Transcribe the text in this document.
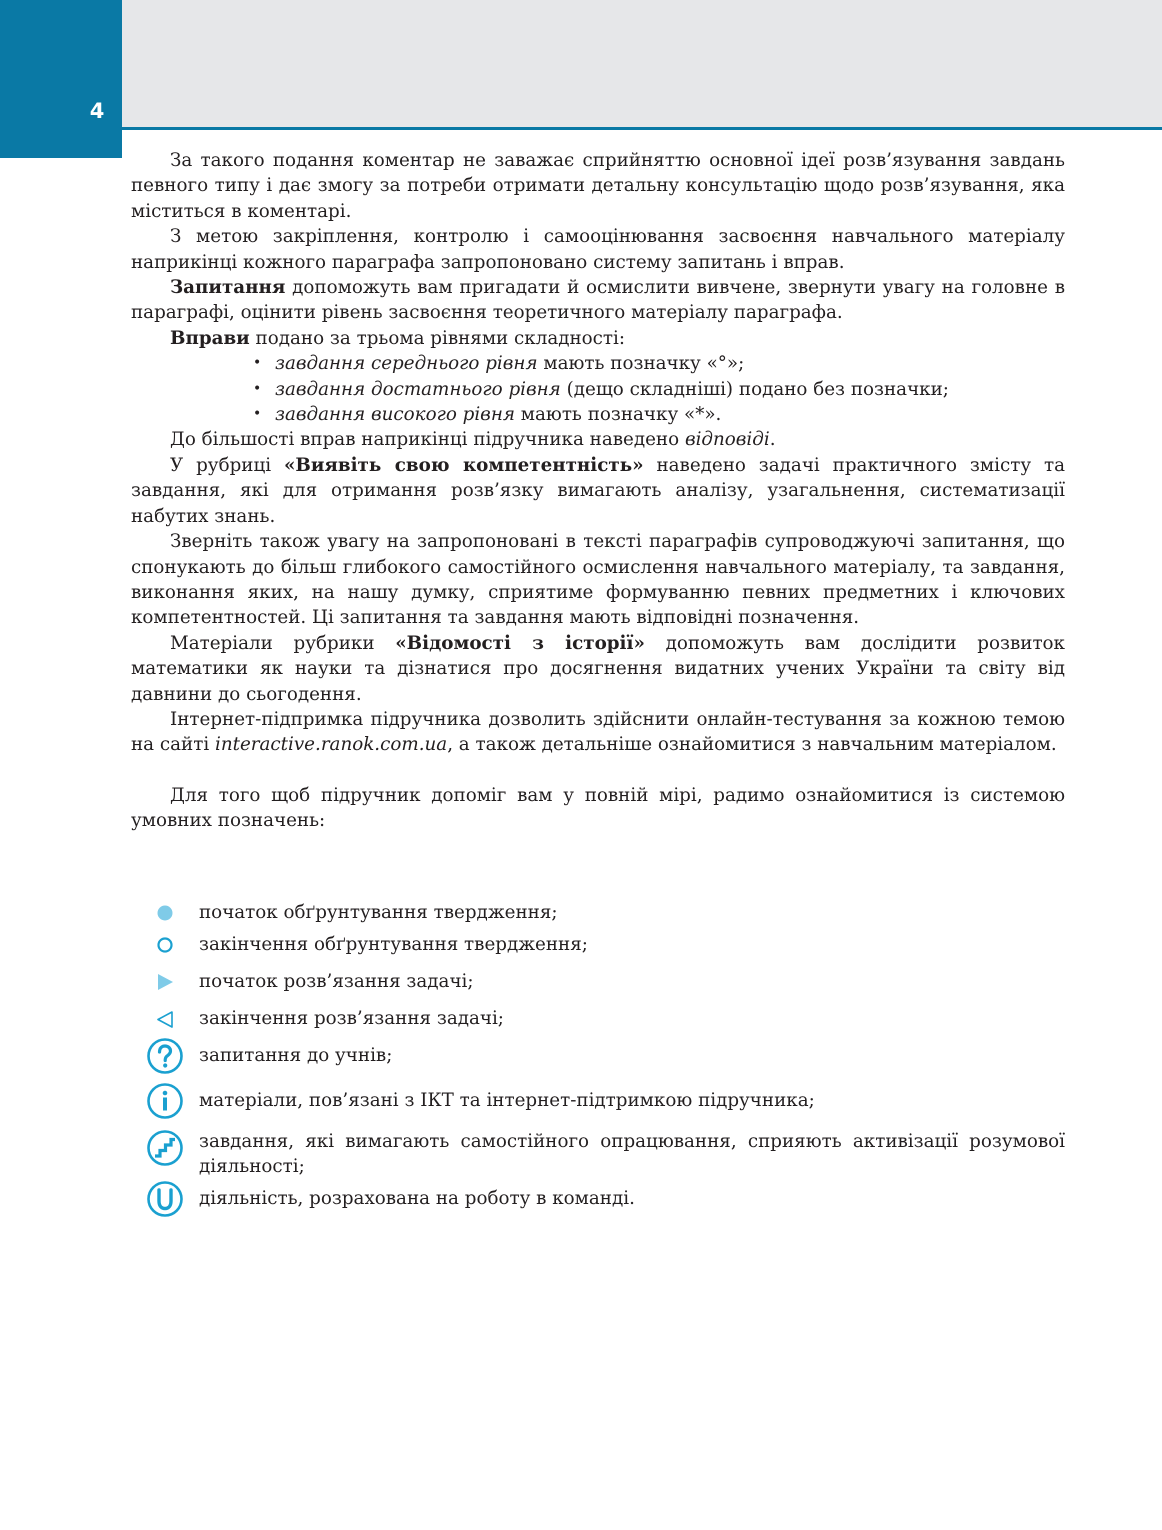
4

За такого подання коментар не заважає сприйняттю основної ідеї розв’язування завдань певного типу і дає змогу за потреби отримати детальну консультацію щодо розв’язування, яка міститься в коментарі.

З метою закріплення, контролю і самооцінювання засвоєння навчального матеріалу наприкінці кожного параграфа запропоновано систему запитань і вправ.

Запитання допоможуть вам пригадати й осмислити вивчене, звернути увагу на головне в параграфі, оцінити рівень засвоєння теоретичного матеріалу параграфа.

Вправи подано за трьома рівнями складності:

• завдання середнього рівня мають позначку «°»;
• завдання достатнього рівня (дещо складніші) подано без позначки;
• завдання високого рівня мають позначку «*».

До більшості вправ наприкінці підручника наведено відповіді.

У рубриці «Виявіть свою компетентність» наведено задачі практичного змісту та завдання, які для отримання розв’язку вимагають аналізу, узагальнення, систематизації набутих знань.

Зверніть також увагу на запропоновані в тексті параграфів супроводжуючі запитання, що спонукають до більш глибокого самостійного осмислення навчального матеріалу, та завдання, виконання яких, на нашу думку, сприятиме формуванню певних предметних і ключових компетентностей. Ці запитання та завдання мають відповідні позначення.

Матеріали рубрики «Відомості з історії» допоможуть вам дослідити розвиток математики як науки та дізнатися про досягнення видатних учених України та світу від давнини до сьогодення.

Інтернет-підпримка підручника дозволить здійснити онлайн-тестування за кожною темою на сайті interactive.ranok.com.ua, а також детальніше ознайомитися з навчальним матеріалом.

Для того щоб підручник допоміг вам у повній мірі, радимо ознайомитися із системою умовних позначень:

початок обґрунтування твердження;
закінчення обґрунтування твердження;
початок розв’язання задачі;
закінчення розв’язання задачі;
запитання до учнів;
матеріали, пов’язані з ІКТ та інтернет-підтримкою підручника;
завдання, які вимагають самостійного опрацювання, сприяють активізації розумової діяльності;
діяльність, розрахована на роботу в команді.
